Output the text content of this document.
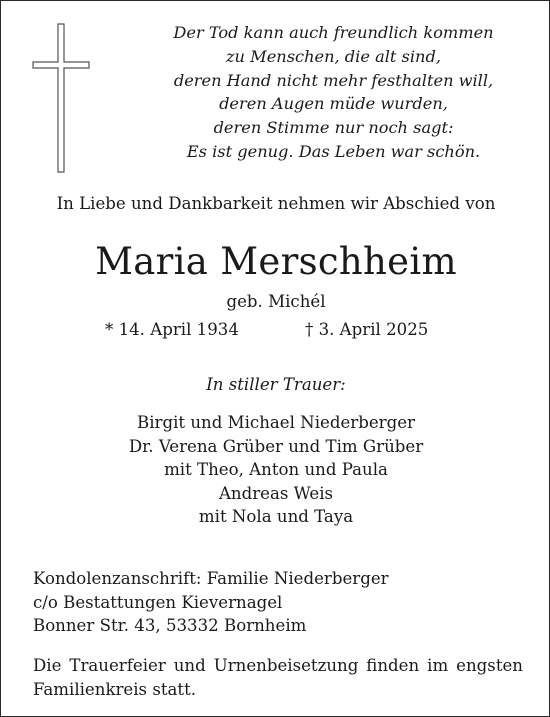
Der Tod kann auch freundlich kommen
zu Menschen, die alt sind,
deren Hand nicht mehr festhalten will,
deren Augen müde wurden,
deren Stimme nur noch sagt:
Es ist genug. Das Leben war schön.
In Liebe und Dankbarkeit nehmen wir Abschied von
Maria Merschheim
geb. Michél
* 14. April 1934	† 3. April 2025
In stiller Trauer:
Birgit und Michael Niederberger
Dr. Verena Grüber und Tim Grüber
mit Theo, Anton und Paula
Andreas Weis
mit Nola und Taya
Kondolenzanschrift: Familie Niederberger
c/o Bestattungen Kievernagel
Bonner Str. 43, 53332 Bornheim
Die Trauerfeier und Urnenbeisetzung finden im engsten
Familienkreis statt.
